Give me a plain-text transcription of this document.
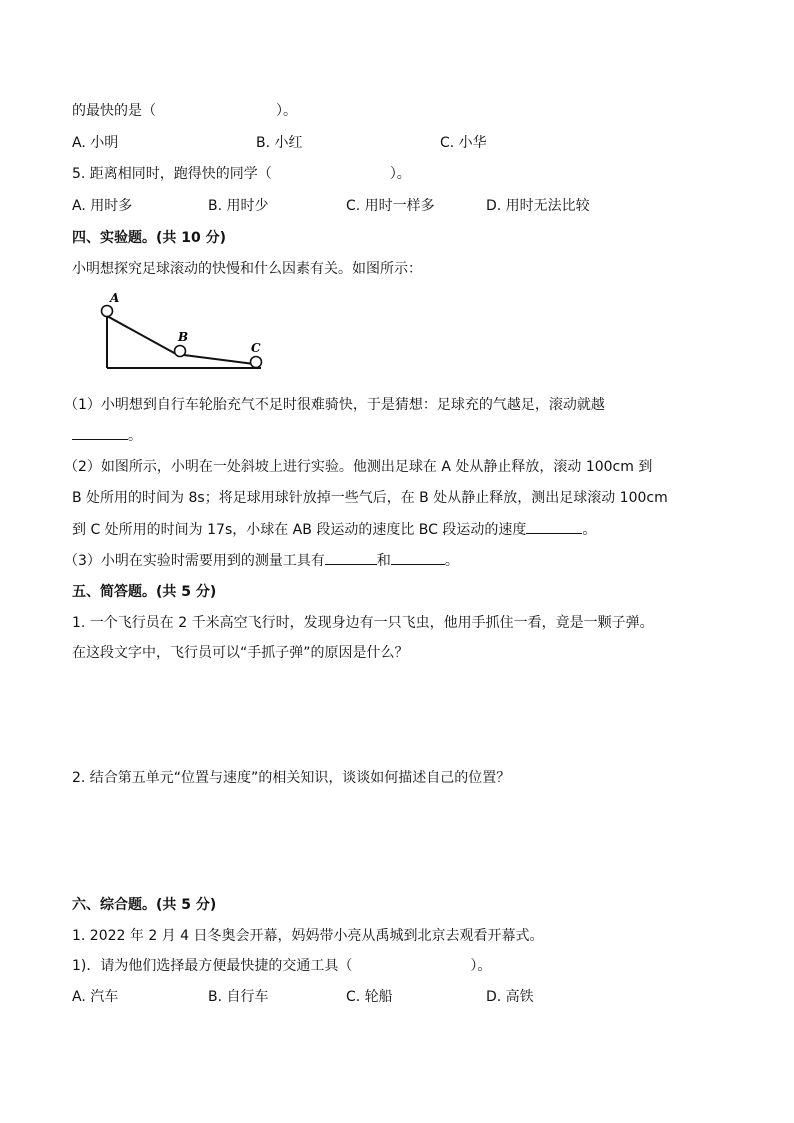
的最快的是（	）。
A. 小明	B. 小红	C. 小华
5. 距离相同时，跑得快的同学（	）。
A. 用时多	B. 用时少	C. 用时一样多	D. 用时无法比较
四、实验题。(共 10 分)
小明想探究足球滚动的快慢和什么因素有关。如图所示：
A
B
C
（1）小明想到自行车轮胎充气不足时很难骑快，于是猜想：足球充的气越足，滚动就越
。
（2）如图所示，小明在一处斜坡上进行实验。他测出足球在 A 处从静止释放，滚动 100cm 到
B 处所用的时间为 8s；将足球用球针放掉一些气后，在 B 处从静止释放，测出足球滚动 100cm
到 C 处所用的时间为 17s，小球在 AB 段运动的速度比 BC 段运动的速度	。
（3）小明在实验时需要用到的测量工具有	和	。
五、简答题。(共 5 分)
1. 一个飞行员在 2 千米高空飞行时，发现身边有一只飞虫，他用手抓住一看，竟是一颗子弹。
在这段文字中，飞行员可以“手抓子弹”的原因是什么？
2. 结合第五单元“位置与速度”的相关知识，谈谈如何描述自己的位置？
六、综合题。(共 5 分)
1. 2022 年 2 月 4 日冬奥会开幕，妈妈带小亮从禹城到北京去观看开幕式。
1)．请为他们选择最方便最快捷的交通工具（	）。
A. 汽车	B. 自行车	C. 轮船	D. 高铁
